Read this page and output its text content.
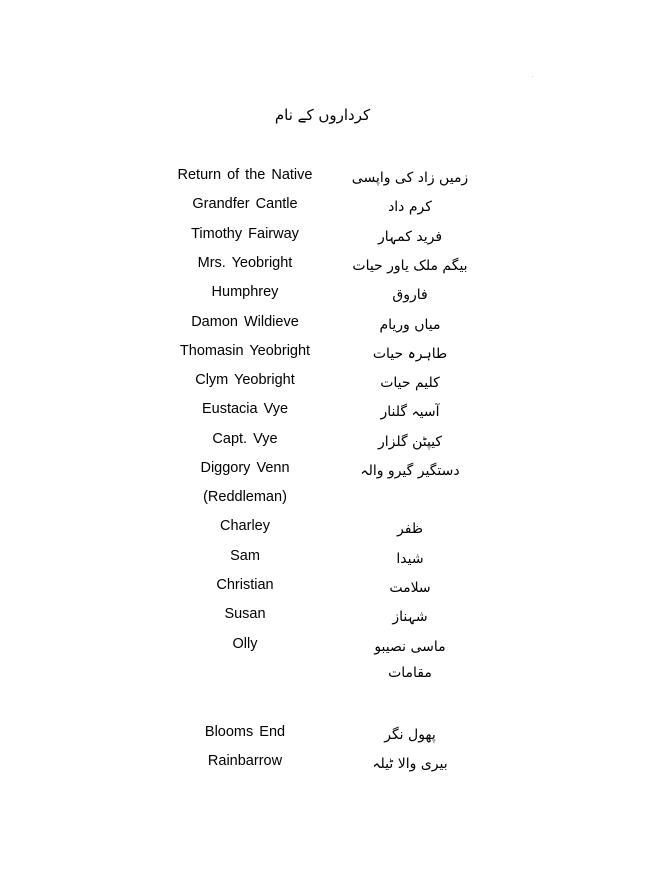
کرداروں کے نام
Return of the Native	زمیں زاد کی واپسی
Grandfer Cantle	کرم داد
Timothy Fairway	فرید کمہار
Mrs. Yeobright	بیگم ملک یاور حیات
Humphrey	فاروق
Damon Wildieve	میاں وریام
Thomasin Yeobright	طاہرہ حیات
Clym Yeobright	کلیم حیات
Eustacia Vye	آسیہ گلنار
Capt. Vye	کیپٹن گلزار
Diggory Venn	دستگیر گیرو والہ
(Reddleman)
Charley	ظفر
Sam	شیدا
Christian	سلامت
Susan	شہناز
Olly	ماسی نصیبو
مقامات
Blooms End	پھول نگر
Rainbarrow	بیری والا ٹیلہ
